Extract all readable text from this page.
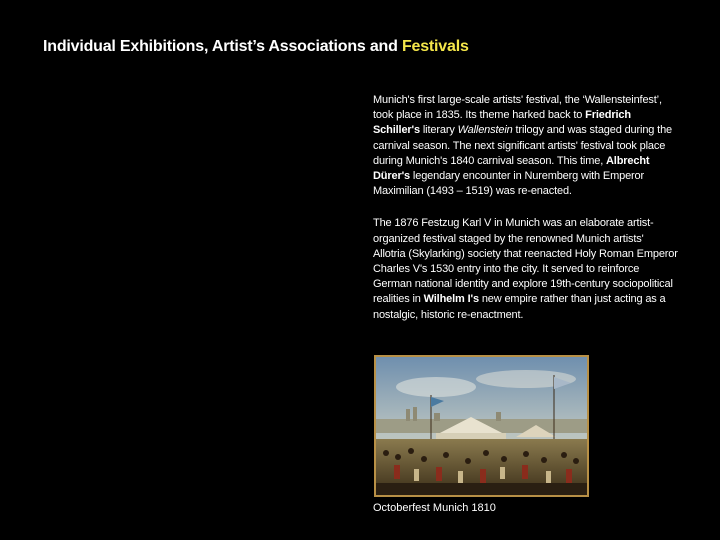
Individual Exhibitions, Artist’s Associations and Festivals

Munich's first large-scale artists' festival, the ‘Wallensteinfest’, took place in 1835. Its theme harked back to Friedrich Schiller's literary Wallenstein trilogy and was staged during the carnival season. The next significant artists' festival took place during Munich's 1840 carnival season. This time, Albrecht Dürer's legendary encounter in Nuremberg with Emperor Maximilian (1493 – 1519) was re-enacted.

The 1876 Festzug Karl V in Munich was an elaborate artist-organized festival staged by the renowned Munich artists' Allotria (Skylarking) society that reenacted Holy Roman Emperor Charles V's 1530 entry into the city. It served to reinforce German national identity and explore 19th-century sociopolitical realities in Wilhelm I's new empire rather than just acting as a nostalgic, historic re-enactment.

Octoberfest Munich 1810
